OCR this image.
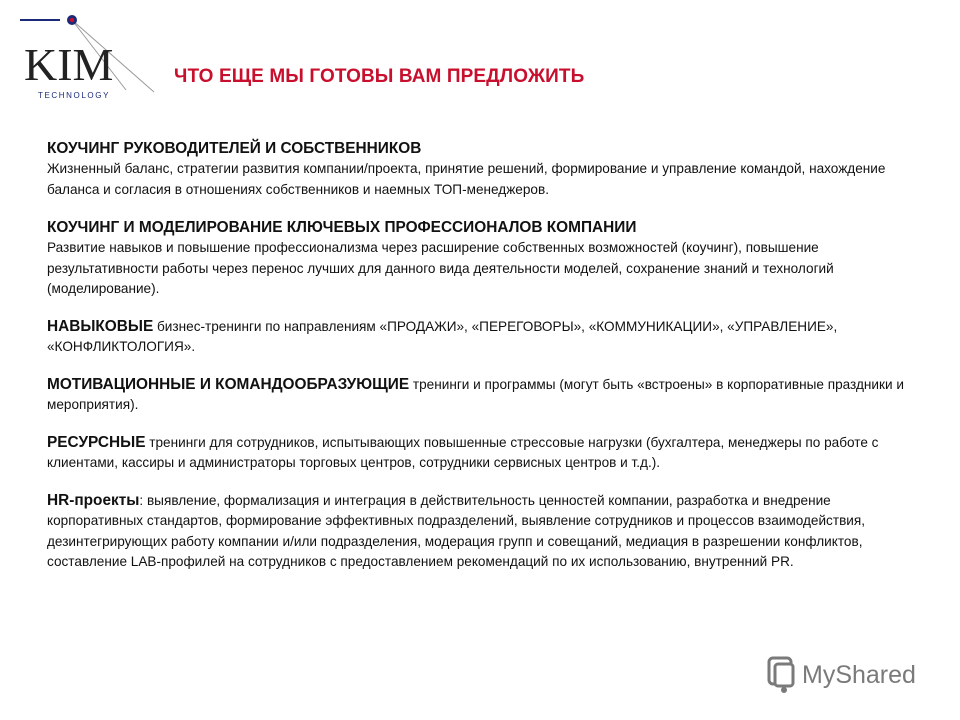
KIM
TECHNOLOGY
ЧТО ЕЩЕ МЫ ГОТОВЫ ВАМ ПРЕДЛОЖИТЬ
КОУЧИНГ РУКОВОДИТЕЛЕЙ И СОБСТВЕННИКОВ

Жизненный баланс, стратегии развития компании/проекта, принятие решений, формирование и управление командой, нахождение баланса и согласия в отношениях собственников и наемных ТОП-менеджеров.

КОУЧИНГ И МОДЕЛИРОВАНИЕ КЛЮЧЕВЫХ ПРОФЕССИОНАЛОВ КОМПАНИИ

Развитие навыков и повышение профессионализма через расширение собственных возможностей (коучинг), повышение результативности работы через перенос лучших для данного вида деятельности моделей, сохранение знаний и технологий (моделирование).

НАВЫКОВЫЕ бизнес-тренинги по направлениям «ПРОДАЖИ», «ПЕРЕГОВОРЫ», «КОММУНИКАЦИИ», «УПРАВЛЕНИЕ», «КОНФЛИКТОЛОГИЯ».

МОТИВАЦИОННЫЕ И КОМАНДООБРАЗУЮЩИЕ тренинги и программы (могут быть «встроены» в корпоративные праздники и мероприятия).

РЕСУРСНЫЕ тренинги для сотрудников, испытывающих повышенные стрессовые нагрузки (бухгалтера, менеджеры по работе с клиентами, кассиры и администраторы торговых центров, сотрудники сервисных центров и т.д.).

HR-проекты: выявление, формализация и интеграция в действительность ценностей компании, разработка и внедрение корпоративных стандартов, формирование эффективных подразделений, выявление сотрудников и процессов взаимодействия, дезинтегрирующих работу компании и/или подразделения, модерация групп и совещаний, медиация в разрешении конфликтов, составление LAB-профилей на сотрудников с предоставлением рекомендаций по их использованию, внутренний PR.

MyShared
